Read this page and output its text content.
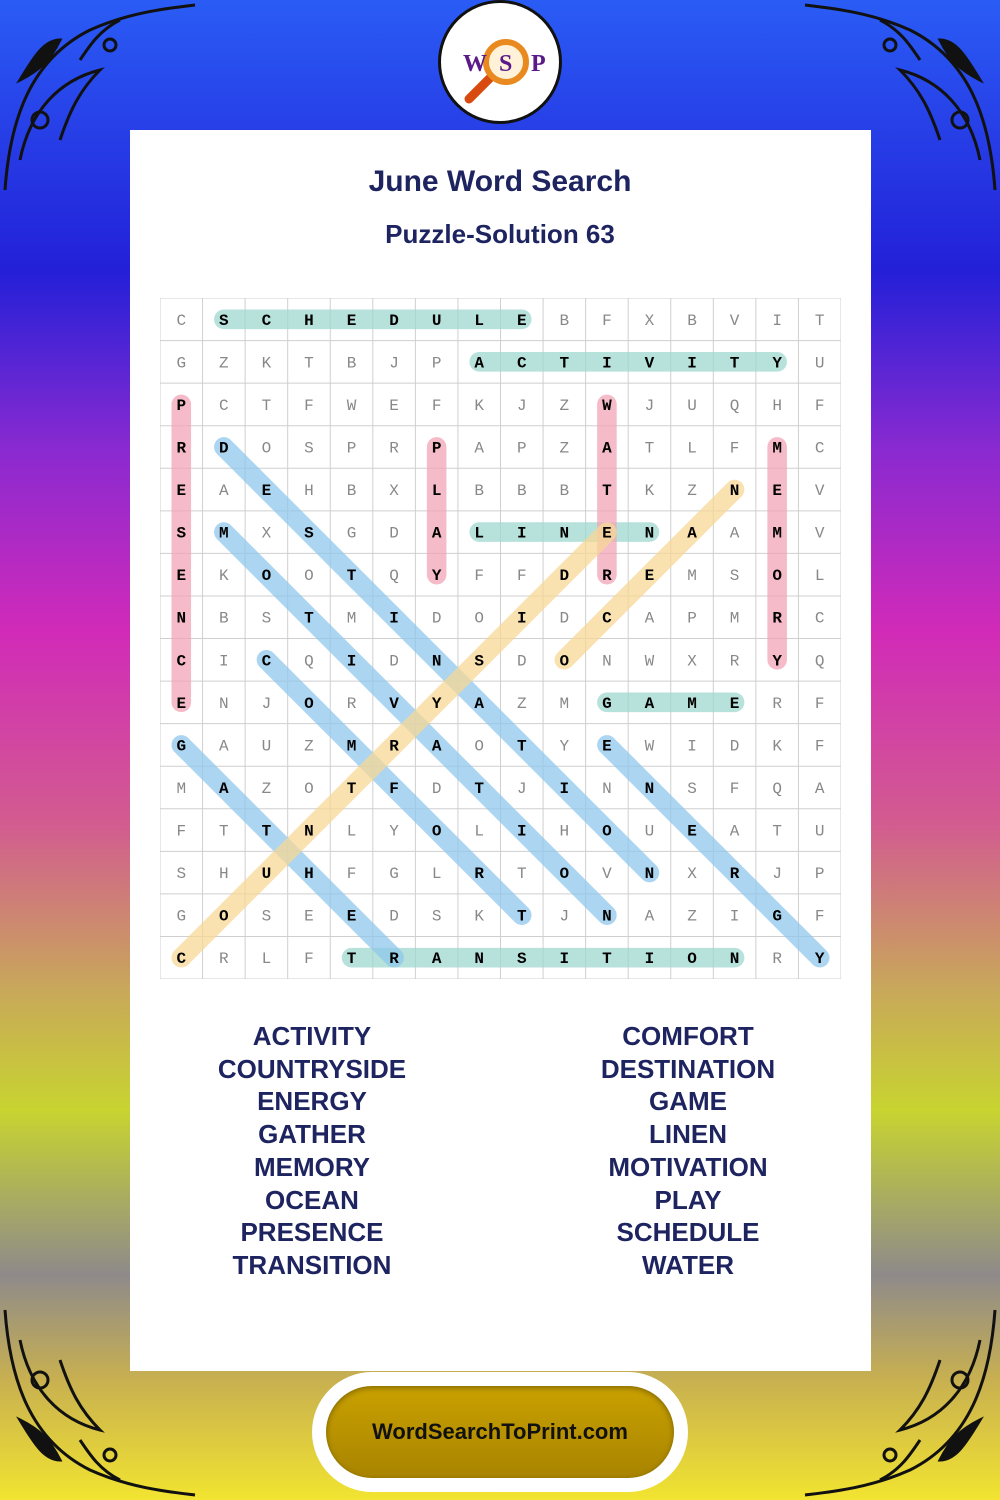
W S P
June Word Search
Puzzle-Solution 63
C S C H E D U L E B F X B V I T
G Z K T B J P A C T I V I T Y U
P C T F W E F K J Z W J U Q H F
R D O S P R P A P Z A T L F M C
E A E H B X L B B B T K Z N E V
S M X S G D A L I N E N A A M V
E K O O T Q Y F F D R E M S O L
N B S T M I D O I D C A P M R C
C I C Q I D N S D O N W X R Y Q
E N J O R V Y A Z M G A M E R F
G A U Z M R A O T Y E W I D K F
M A Z O T F D T J I N N S F Q A
F T T N L Y O L I H O U E A T U
S H U H F G L R T O V N X R J P
G O S E E D S K T J N A Z I G F
C R L F T R A N S I T I O N R Y
ACTIVITY
COUNTRYSIDE
ENERGY
GATHER
MEMORY
OCEAN
PRESENCE
TRANSITION
COMFORT
DESTINATION
GAME
LINEN
MOTIVATION
PLAY
SCHEDULE
WATER
WordSearchToPrint.com
